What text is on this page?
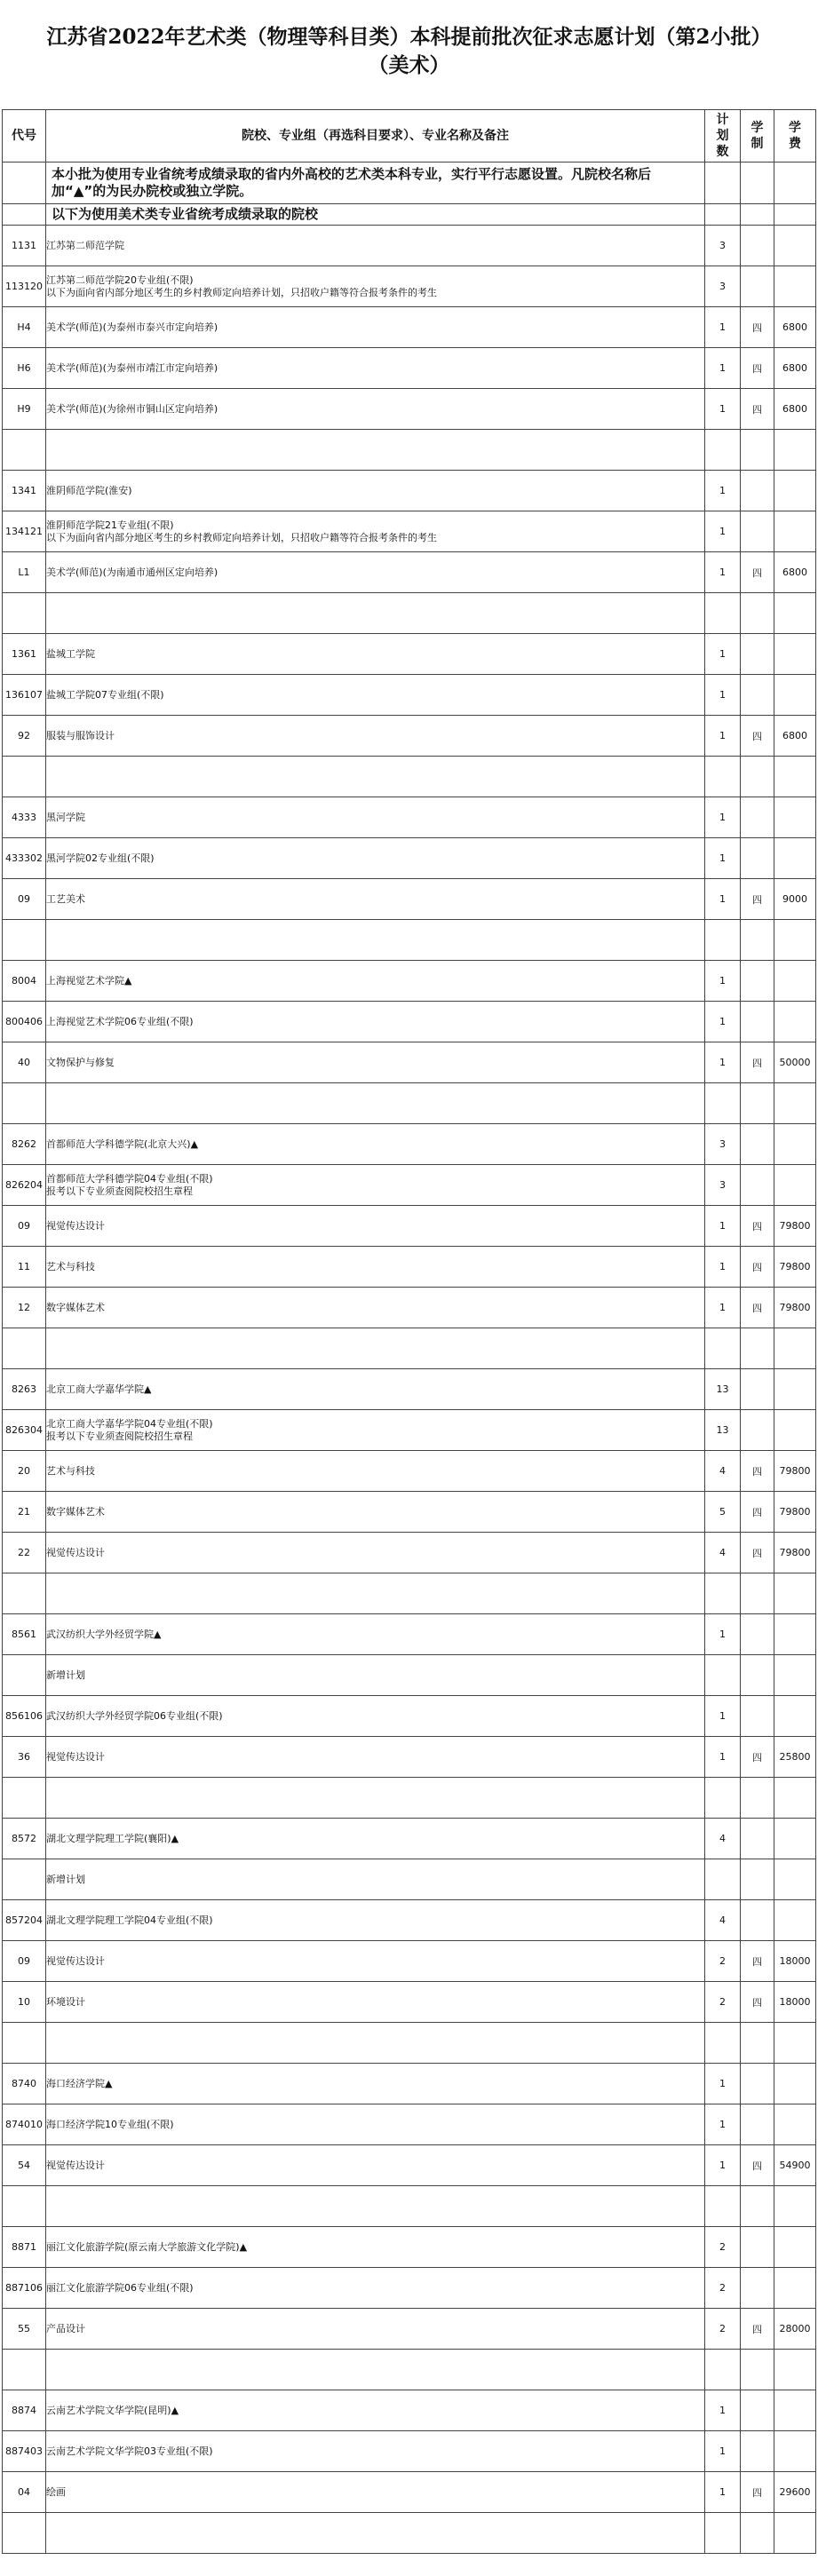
江苏省2022年艺术类（物理等科目类）本科提前批次征求志愿计划（第2小批）
（美术）
代号	院校、专业组（再选科目要求）、专业名称及备注	计划数	学制	学费

	本小批为使用专业省统考成绩录取的省内外高校的艺术类本科专业，实行平行志愿设置。凡院校名称后加“▲”的为民办院校或独立学院。			

	以下为使用美术类专业省统考成绩录取的院校			

1131	江苏第二师范学院	3		
113120	江苏第二师范学院20专业组(不限)
以下为面向省内部分地区考生的乡村教师定向培养计划，只招收户籍等符合报考条件的考生	3		
H4	美术学(师范)(为泰州市泰兴市定向培养)	1	四	6800
H6	美术学(师范)(为泰州市靖江市定向培养)	1	四	6800
H9	美术学(师范)(为徐州市铜山区定向培养)	1	四	6800

1341	淮阴师范学院(淮安)	1		
134121	淮阴师范学院21专业组(不限)
以下为面向省内部分地区考生的乡村教师定向培养计划，只招收户籍等符合报考条件的考生	1		
L1	美术学(师范)(为南通市通州区定向培养)	1	四	6800

1361	盐城工学院	1		
136107	盐城工学院07专业组(不限)	1		
92	服装与服饰设计	1	四	6800

4333	黑河学院	1		
433302	黑河学院02专业组(不限)	1		
09	工艺美术	1	四	9000

8004	上海视觉艺术学院▲	1		
800406	上海视觉艺术学院06专业组(不限)	1		
40	文物保护与修复	1	四	50000

8262	首都师范大学科德学院(北京大兴)▲	3		
826204	首都师范大学科德学院04专业组(不限)
报考以下专业须查阅院校招生章程	3		
09	视觉传达设计	1	四	79800
11	艺术与科技	1	四	79800
12	数字媒体艺术	1	四	79800

8263	北京工商大学嘉华学院▲	13		
826304	北京工商大学嘉华学院04专业组(不限)
报考以下专业须查阅院校招生章程	13		
20	艺术与科技	4	四	79800
21	数字媒体艺术	5	四	79800
22	视觉传达设计	4	四	79800

8561	武汉纺织大学外经贸学院▲	1		

	新增计划			

856106	武汉纺织大学外经贸学院06专业组(不限)	1		
36	视觉传达设计	1	四	25800

8572	湖北文理学院理工学院(襄阳)▲	4		

	新增计划			

857204	湖北文理学院理工学院04专业组(不限)	4		
09	视觉传达设计	2	四	18000
10	环境设计	2	四	18000

8740	海口经济学院▲	1		
874010	海口经济学院10专业组(不限)	1		
54	视觉传达设计	1	四	54900

8871	丽江文化旅游学院(原云南大学旅游文化学院)▲	2		
887106	丽江文化旅游学院06专业组(不限)	2		
55	产品设计	2	四	28000

8874	云南艺术学院文华学院(昆明)▲	1		
887403	云南艺术学院文华学院03专业组(不限)	1		
04	绘画	1	四	29600
